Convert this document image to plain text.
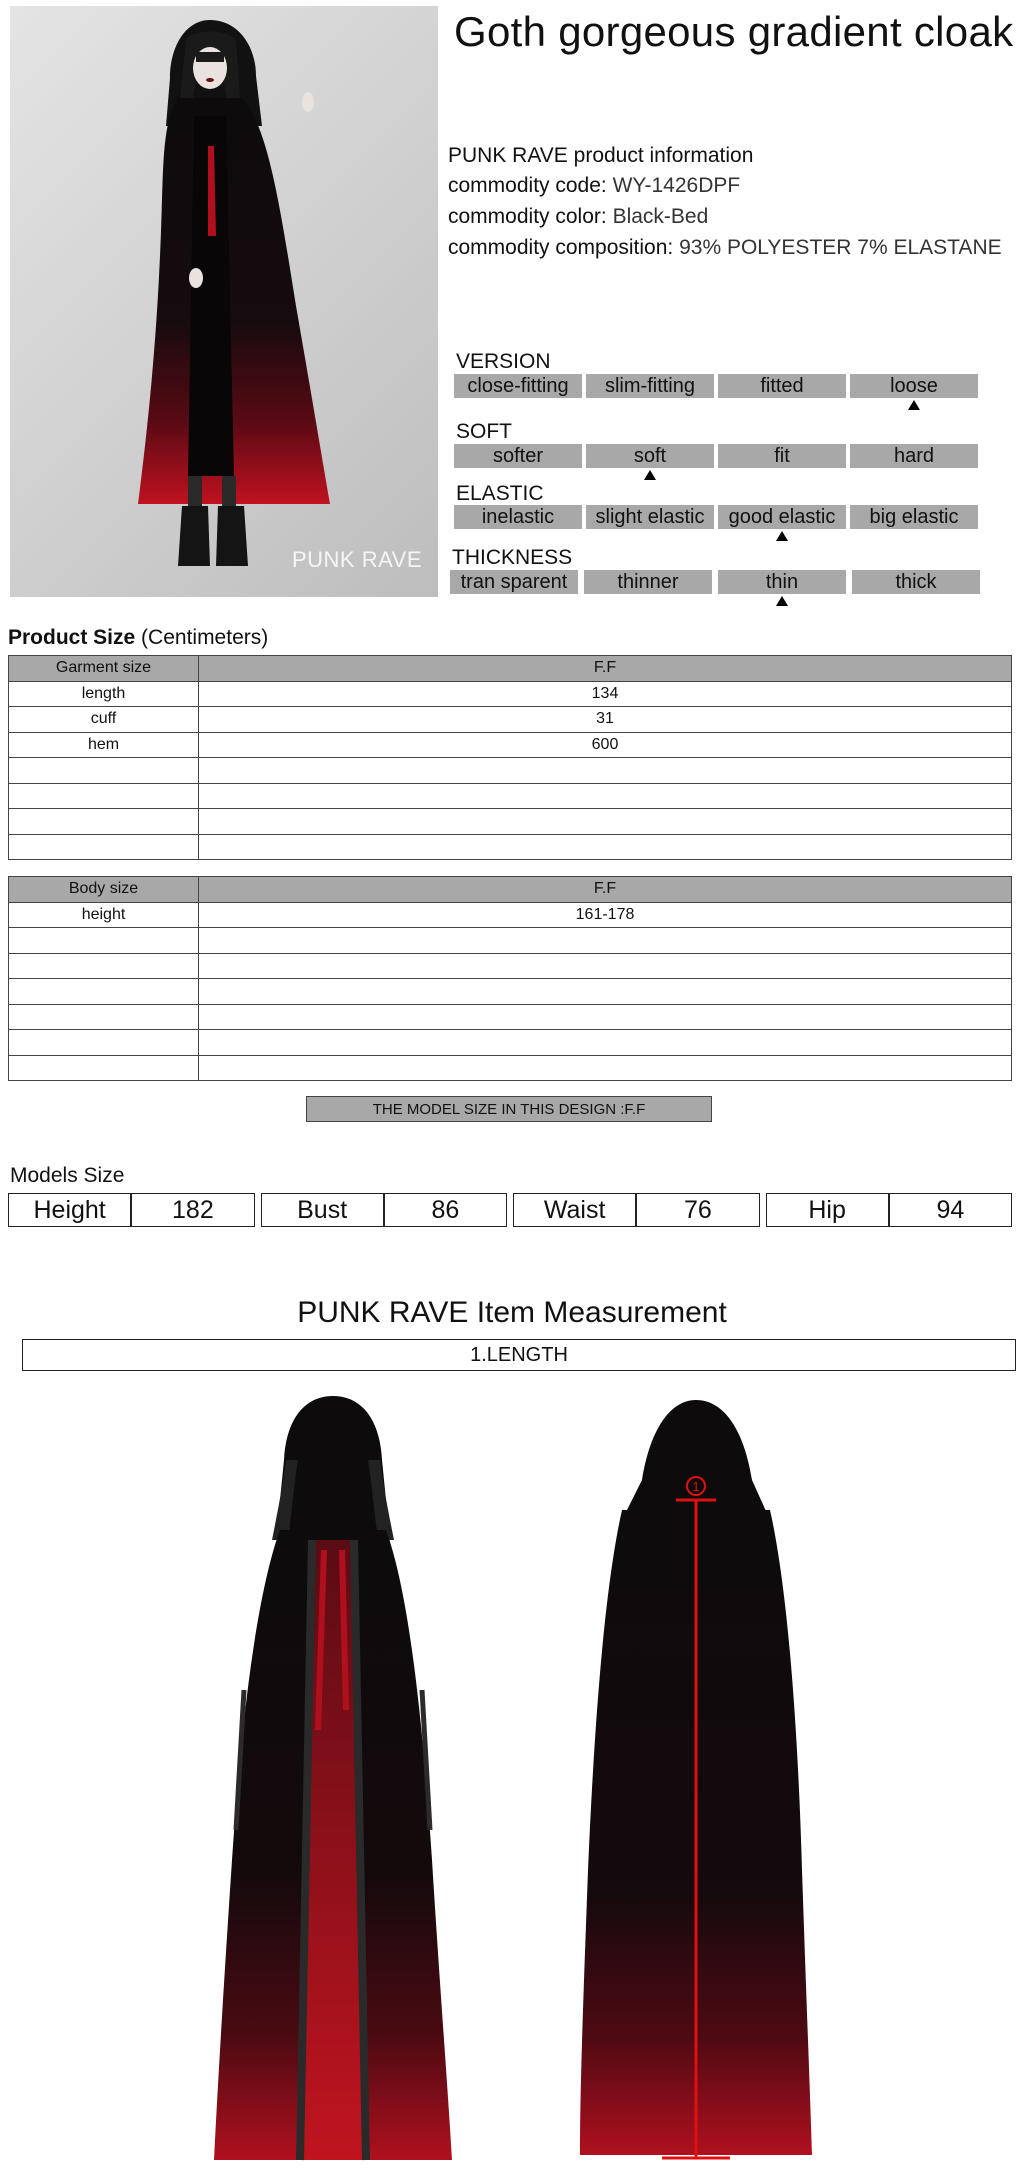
PUNK RAVE
Goth gorgeous gradient cloak
PUNK RAVE product information
commodity code: WY-1426DPF
commodity color: Black-Bed
commodity composition: 93% POLYESTER 7% ELASTANE
VERSION
SOFT
ELASTIC
THICKNESS
close-fitting	slim-fitting	fitted	loose
softer	soft	fit	hard
inelastic	slight elastic	good elastic	big elastic
tran sparent	thinner	thin	thick
Product Size (Centimeters)
Garment size	F.F
length	134
cuff	31
hem	600

Body size	F.F
height	161-178

THE MODEL SIZE IN THIS DESIGN :F.F
Models Size
Height	182		Bust	86		Waist	76		Hip	94
PUNK RAVE Item Measurement
1.LENGTH
1
